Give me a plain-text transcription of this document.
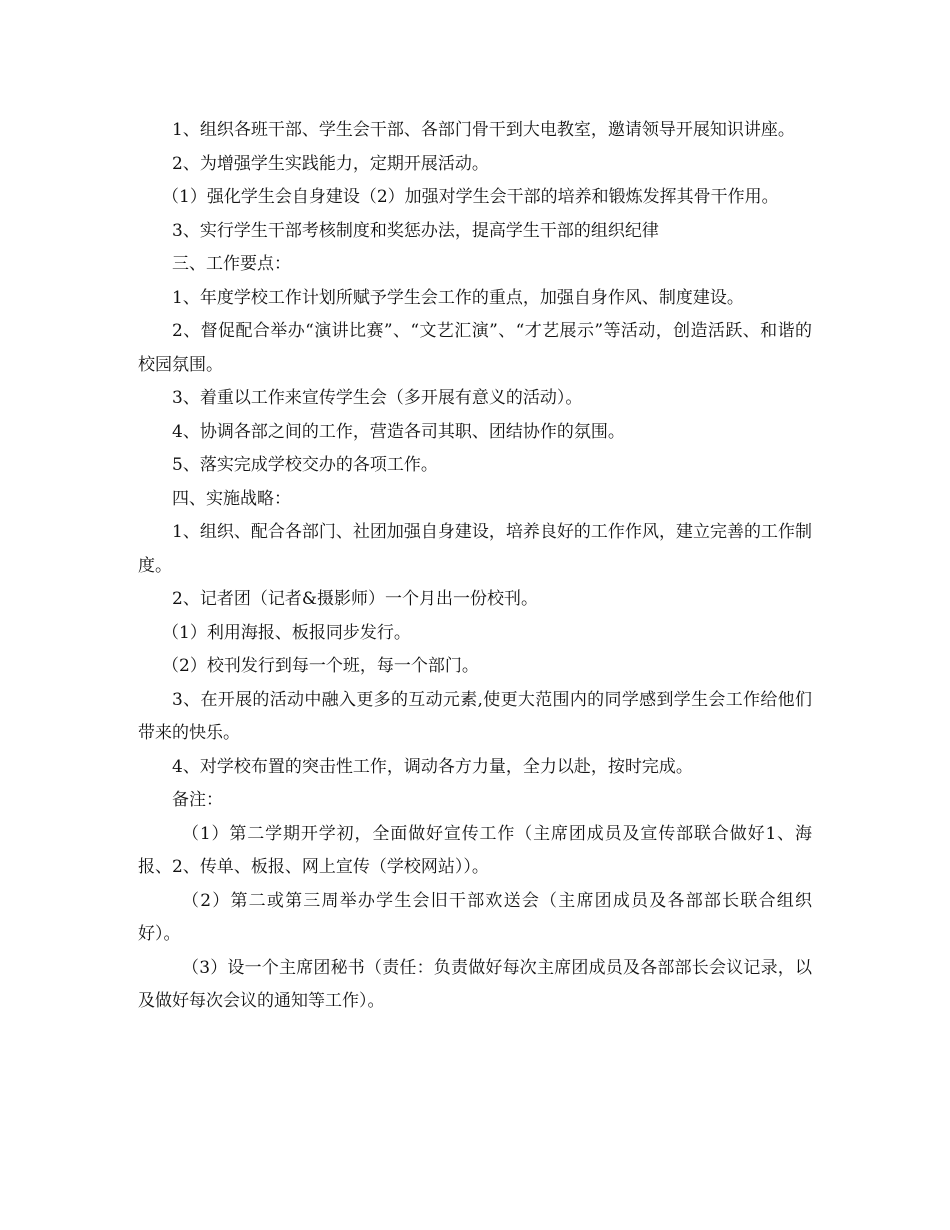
1、组织各班干部、学生会干部、各部门骨干到大电教室，邀请领导开展知识讲座。

2、为增强学生实践能力，定期开展活动。

（1）强化学生会自身建设（2）加强对学生会干部的培养和锻炼发挥其骨干作用。

3、实行学生干部考核制度和奖惩办法，提高学生干部的组织纪律

三、工作要点：

1、年度学校工作计划所赋予学生会工作的重点，加强自身作风、制度建设。

2、督促配合举办“演讲比赛”、“文艺汇演”、“才艺展示”等活动，创造活跃、和谐的校园氛围。

3、着重以工作来宣传学生会（多开展有意义的活动）。

4、协调各部之间的工作，营造各司其职、团结协作的氛围。

5、落实完成学校交办的各项工作。

四、实施战略：

1、组织、配合各部门、社团加强自身建设，培养良好的工作作风，建立完善的工作制度。

2、记者团（记者&摄影师）一个月出一份校刊。

（1）利用海报、板报同步发行。

（2）校刊发行到每一个班，每一个部门。

3、在开展的活动中融入更多的互动元素,使更大范围内的同学感到学生会工作给他们带来的快乐。

4、对学校布置的突击性工作，调动各方力量，全力以赴，按时完成。

备注：

（1）第二学期开学初，全面做好宣传工作（主席团成员及宣传部联合做好1、海报、2、传单、板报、网上宣传（学校网站））。

（2）第二或第三周举办学生会旧干部欢送会（主席团成员及各部部长联合组织好）。

（3）设一个主席团秘书（责任：负责做好每次主席团成员及各部部长会议记录，以及做好每次会议的通知等工作）。
